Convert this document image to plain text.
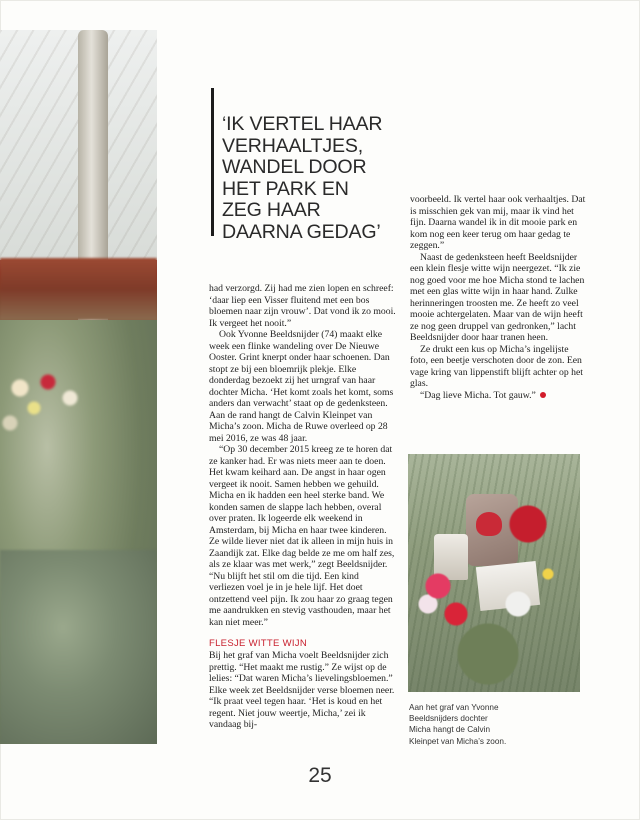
‘IK VERTEL HAAR
VERHAALTJES,
WANDEL DOOR
HET PARK EN
ZEG HAAR
DAARNA GEDAG’

had verzorgd. Zij had me zien lopen en schreef: ‘daar liep een Visser fluitend met een bos bloemen naar zijn vrouw’. Dat vond ik zo mooi. Ik vergeet het nooit.”

Ook Yvonne Beeldsnijder (74) maakt elke week een flinke wandeling over De Nieuwe Ooster. Grint knerpt onder haar schoenen. Dan stopt ze bij een bloemrijk plekje. Elke donderdag bezoekt zij het urngraf van haar dochter Micha. ‘Het komt zoals het komt, soms anders dan verwacht’ staat op de gedenksteen. Aan de rand hangt de Calvin Kleinpet van Micha’s zoon. Micha de Ruwe overleed op 28 mei 2016, ze was 48 jaar.

“Op 30 december 2015 kreeg ze te horen dat ze kanker had. Er was niets meer aan te doen. Het kwam keihard aan. De angst in haar ogen vergeet ik nooit. Samen hebben we gehuild. Micha en ik hadden een heel sterke band. We konden samen de slappe lach hebben, overal over praten. Ik logeerde elk weekend in Amsterdam, bij Micha en haar twee kinderen. Ze wilde liever niet dat ik alleen in mijn huis in Zaandijk zat. Elke dag belde ze me om half zes, als ze klaar was met werk,” zegt Beeldsnijder. “Nu blijft het stil om die tijd. Een kind verliezen voel je in je hele lijf. Het doet ontzettend veel pijn. Ik zou haar zo graag tegen me aandrukken en stevig vasthouden, maar het kan niet meer.”

FLESJE WITTE WIJN

Bij het graf van Micha voelt Beeldsnijder zich prettig. “Het maakt me rustig.” Ze wijst op de lelies: “Dat waren Micha’s lievelingsbloemen.” Elke week zet Beeldsnijder verse bloemen neer. “Ik praat veel tegen haar. ‘Het is koud en het regent. Niet jouw weertje, Micha,’ zei ik vandaag bij-

voorbeeld. Ik vertel haar ook verhaaltjes. Dat is misschien gek van mij, maar ik vind het fijn. Daarna wandel ik in dit mooie park en kom nog een keer terug om haar gedag te zeggen.”

Naast de gedenksteen heeft Beeldsnijder een klein flesje witte wijn neergezet. “Ik zie nog goed voor me hoe Micha stond te lachen met een glas witte wijn in haar hand. Zulke herinneringen troosten me. Ze heeft zo veel mooie achtergelaten. Maar van de wijn heeft ze nog geen druppel van gedronken,” lacht Beeldsnijder door haar tranen heen.

Ze drukt een kus op Micha’s ingelijste foto, een beetje verschoten door de zon. Een vage kring van lippenstift blijft achter op het glas.

“Dag lieve Micha. Tot gauw.”

Aan het graf van Yvonne
Beeldsnijders dochter
Micha hangt de Calvin
Kleinpet van Micha’s zoon.

25
